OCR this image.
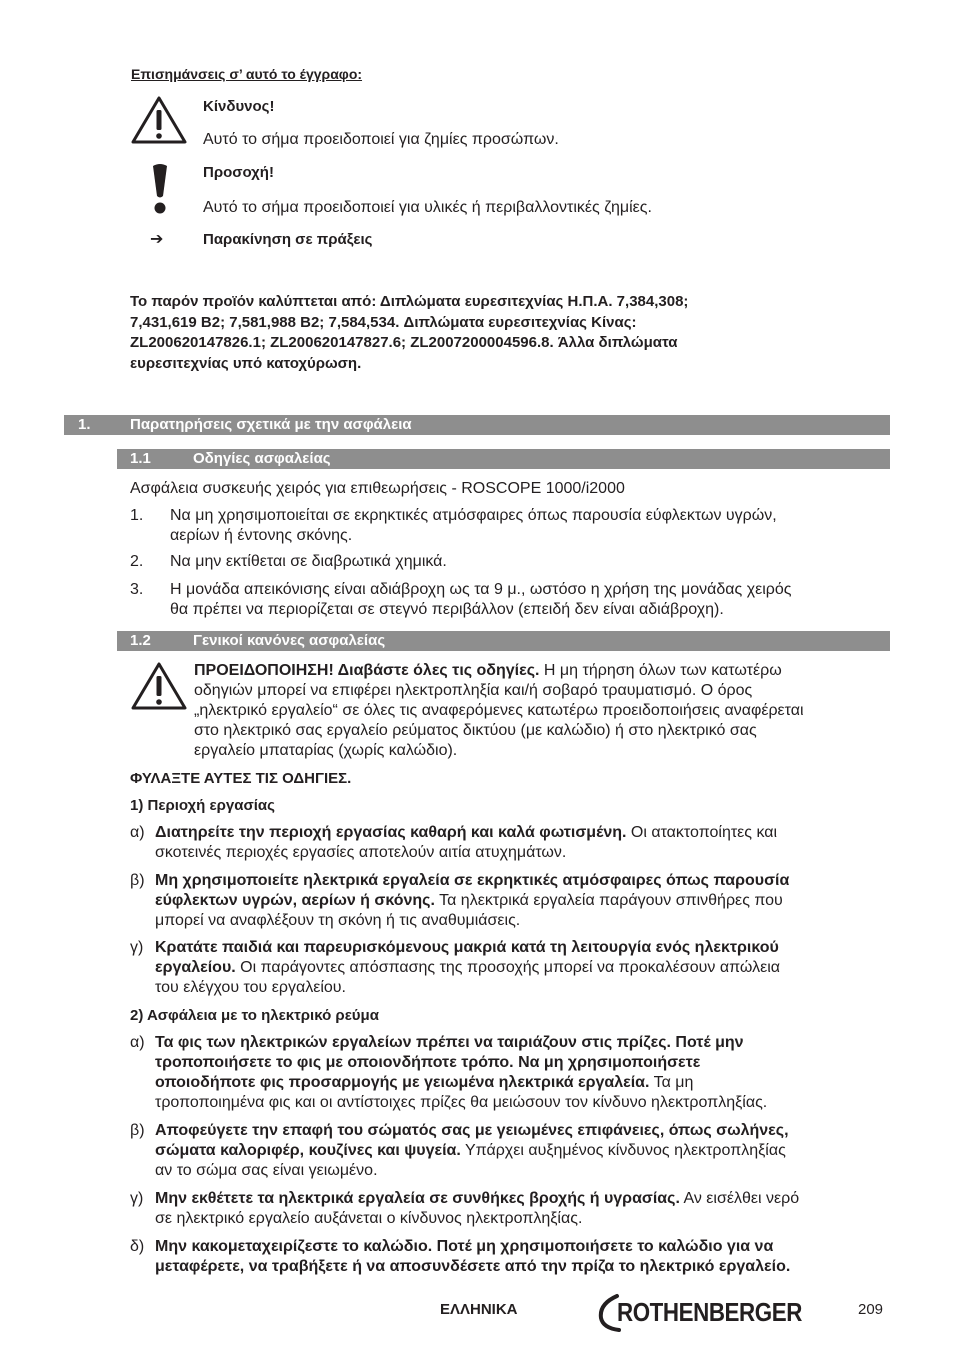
Επισημάνσεις σ’ αυτό το έγγραφο:
Κίνδυνος!
Αυτό το σήμα προειδοποιεί για ζημίες προσώπων.
Προσοχή!
Αυτό το σήμα προειδοποιεί για υλικές ή περιβαλλοντικές ζημίες.
➔	Παρακίνηση σε πράξεις
Το παρόν προϊόν καλύπτεται από: Διπλώματα ευρεσιτεχνίας Η.Π.Α. 7,384,308;
7,431,619 B2; 7,581,988 B2; 7,584,534. Διπλώματα ευρεσιτεχνίας Κίνας:
ZL200620147826.1; ZL200620147827.6; ZL2007200004596.8. Άλλα διπλώματα
ευρεσιτεχνίας υπό κατοχύρωση.
1.	Παρατηρήσεις σχετικά με την ασφάλεια
1.1	Οδηγίες ασφαλείας
Ασφάλεια συσκευής χειρός για επιθεωρήσεις - ROSCOPE 1000/i2000
1. Να μη χρησιμοποιείται σε εκρηκτικές ατμόσφαιρες όπως παρουσία εύφλεκτων υγρών,
αερίων ή έντονης σκόνης.
2. Να μην εκτίθεται σε διαβρωτικά χημικά.
3. Η μονάδα απεικόνισης είναι αδιάβροχη ως τα 9 μ., ωστόσο η χρήση της μονάδας χειρός
θα πρέπει να περιορίζεται σε στεγνό περιβάλλον (επειδή δεν είναι αδιάβροχη).
1.2	Γενικοί κανόνες ασφαλείας
ΠΡΟΕΙΔΟΠΟΙΗΣΗ! Διαβάστε όλες τις οδηγίες. Η μη τήρηση όλων των κατωτέρω
οδηγιών μπορεί να επιφέρει ηλεκτροπληξία και/ή σοβαρό τραυματισμό. Ο όρος
„ηλεκτρικό εργαλείο“ σε όλες τις αναφερόμενες κατωτέρω προειδοποιήσεις αναφέρεται
στο ηλεκτρικό σας εργαλείο ρεύματος δικτύου (με καλώδιο) ή στο ηλεκτρικό σας
εργαλείο μπαταρίας (χωρίς καλώδιο).
ΦΥΛΑΞΤΕ ΑΥΤΕΣ ΤΙΣ ΟΔΗΓΙΕΣ.
1) Περιοχή εργασίας
α) Διατηρείτε την περιοχή εργασίας καθαρή και καλά φωτισμένη. Οι ατακτοποίητες και
σκοτεινές περιοχές εργασίες αποτελούν αιτία ατυχημάτων.
β) Μη χρησιμοποιείτε ηλεκτρικά εργαλεία σε εκρηκτικές ατμόσφαιρες όπως παρουσία
εύφλεκτων υγρών, αερίων ή σκόνης. Τα ηλεκτρικά εργαλεία παράγουν σπινθήρες που
μπορεί να αναφλέξουν τη σκόνη ή τις αναθυμιάσεις.
γ) Κρατάτε παιδιά και παρευρισκόμενους μακριά κατά τη λειτουργία ενός ηλεκτρικού
εργαλείου. Οι παράγοντες απόσπασης της προσοχής μπορεί να προκαλέσουν απώλεια
του ελέγχου του εργαλείου.
2) Ασφάλεια με το ηλεκτρικό ρεύμα
α) Τα φις των ηλεκτρικών εργαλείων πρέπει να ταιριάζουν στις πρίζες. Ποτέ μην
τροποποιήσετε το φις με οποιονδήποτε τρόπο. Να μη χρησιμοποιήσετε
οποιοδήποτε φις προσαρμογής με γειωμένα ηλεκτρικά εργαλεία. Τα μη
τροποποιημένα φις και οι αντίστοιχες πρίζες θα μειώσουν τον κίνδυνο ηλεκτροπληξίας.
β) Αποφεύγετε την επαφή του σώματός σας με γειωμένες επιφάνειες, όπως σωλήνες,
σώματα καλοριφέρ, κουζίνες και ψυγεία. Υπάρχει αυξημένος κίνδυνος ηλεκτροπληξίας
αν το σώμα σας είναι γειωμένο.
γ) Μην εκθέτετε τα ηλεκτρικά εργαλεία σε συνθήκες βροχής ή υγρασίας. Αν εισέλθει νερό
σε ηλεκτρικό εργαλείο αυξάνεται ο κίνδυνος ηλεκτροπληξίας.
δ) Μην κακομεταχειρίζεστε το καλώδιο. Ποτέ μη χρησιμοποιήσετε το καλώδιο για να
μεταφέρετε, να τραβήξετε ή να αποσυνδέσετε από την πρίζα το ηλεκτρικό εργαλείο.
ΕΛΛΗΝΙΚΑ	ROTHENBERGER	209
